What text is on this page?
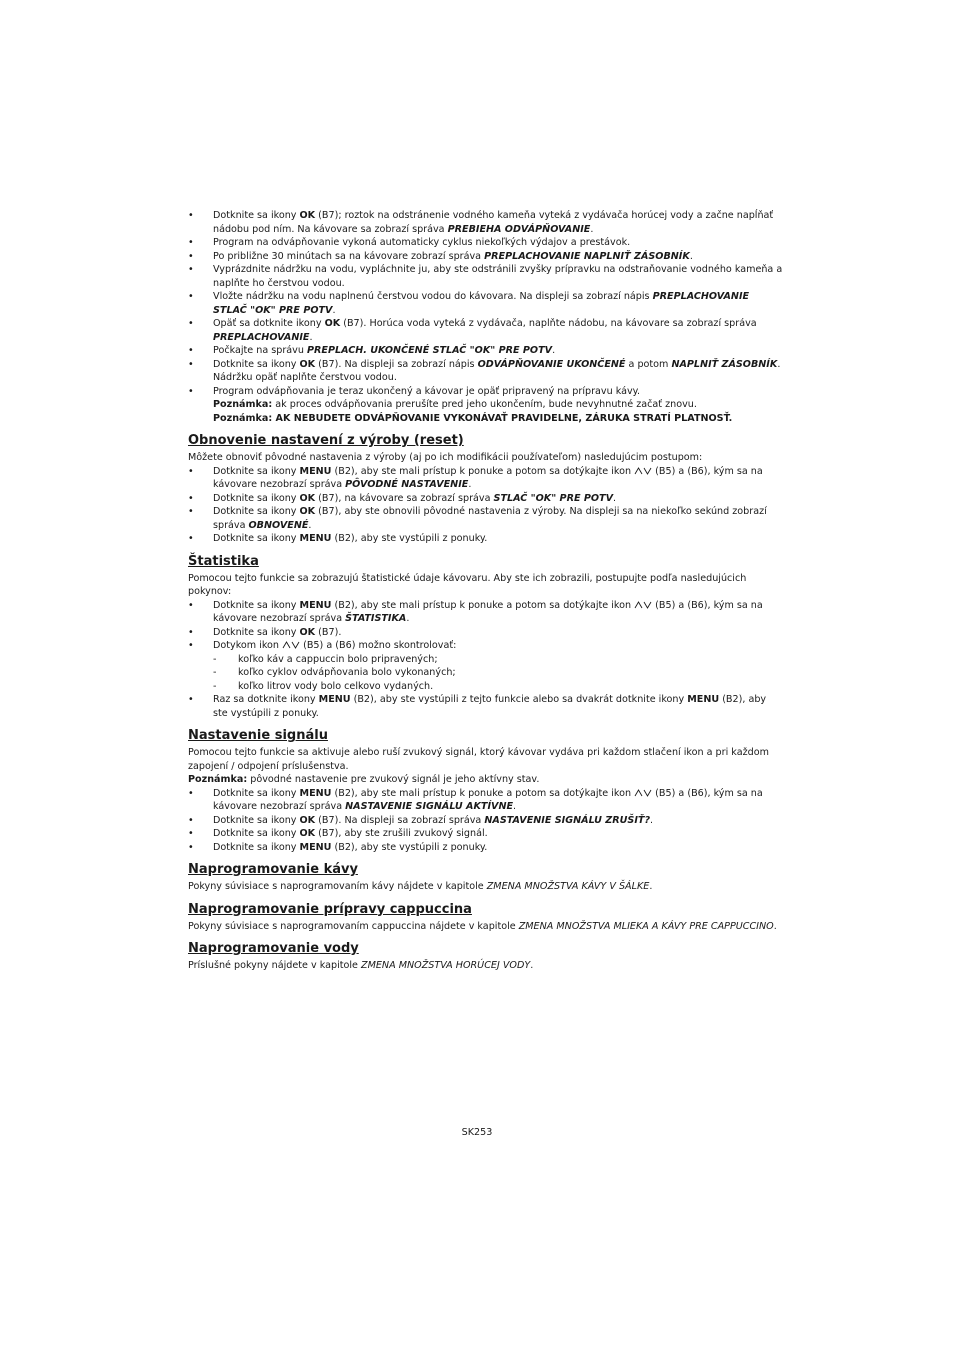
• Dotknite sa ikony OK (B7); roztok na odstránenie vodného kameňa vyteká z vydávača horúcej vody a začne napĺňať nádobu pod ním. Na kávovare sa zobrazí správa PREBIEHA ODVÁPŇOVANIE.
• Program na odvápňovanie vykoná automaticky cyklus niekoľkých výdajov a prestávok.
• Po približne 30 minútach sa na kávovare zobrazí správa PREPLACHOVANIE NAPLNIŤ ZÁSOBNÍK.
• Vyprázdnite nádržku na vodu, vypláchnite ju, aby ste odstránili zvyšky prípravku na odstraňovanie vodného kameňa a naplňte ho čerstvou vodou.
• Vložte nádržku na vodu naplnenú čerstvou vodou do kávovara. Na displeji sa zobrazí nápis PREPLACHOVANIE STLAČ "OK" PRE POTV.
• Opäť sa dotknite ikony OK (B7). Horúca voda vyteká z vydávača, naplňte nádobu, na kávovare sa zobrazí správa PREPLACHOVANIE.
• Počkajte na správu PREPLACH. UKONČENÉ STLAČ "OK" PRE POTV.
• Dotknite sa ikony OK (B7). Na displeji sa zobrazí nápis ODVÁPŇOVANIE UKONČENÉ a potom NAPLNIŤ ZÁSOBNÍK. Nádržku opäť naplňte čerstvou vodou.
• Program odvápňovania je teraz ukončený a kávovar je opäť pripravený na prípravu kávy.

Poznámka: ak proces odvápňovania prerušíte pred jeho ukončením, bude nevyhnutné začať znovu.

Poznámka: AK NEBUDETE ODVÁPŇOVANIE VYKONÁVAŤ PRAVIDELNE, ZÁRUKA STRATÍ PLATNOSŤ.

Obnovenie nastavení z výroby (reset)

Môžete obnoviť pôvodné nastavenia z výroby (aj po ich modifikácii používateľom) nasledujúcim postupom:

• Dotknite sa ikony MENU (B2), aby ste mali prístup k ponuke a potom sa dotýkajte ikon  (B5) a (B6), kým sa na kávovare nezobrazí správa PÔVODNÉ NASTAVENIE.
• Dotknite sa ikony OK (B7), na kávovare sa zobrazí správa STLAČ "OK" PRE POTV.
• Dotknite sa ikony OK (B7), aby ste obnovili pôvodné nastavenia z výroby. Na displeji sa na niekoľko sekúnd zobrazí správa OBNOVENÉ.
• Dotknite sa ikony MENU (B2), aby ste vystúpili z ponuky.
Štatistika

Pomocou tejto funkcie sa zobrazujú štatistické údaje kávovaru. Aby ste ich zobrazili, postupujte podľa nasledujúcich pokynov:

• Dotknite sa ikony MENU (B2), aby ste mali prístup k ponuke a potom sa dotýkajte ikon  (B5) a (B6), kým sa na kávovare nezobrazí správa ŠTATISTIKA.
• Dotknite sa ikony OK (B7).
• Dotykom ikon  (B5) a (B6) možno skontrolovať:
- koľko káv a cappuccin bolo pripravených;
- koľko cyklov odvápňovania bolo vykonaných;
- koľko litrov vody bolo celkovo vydaných.
• Raz sa dotknite ikony MENU (B2), aby ste vystúpili z tejto funkcie alebo sa dvakrát dotknite ikony MENU (B2), aby ste vystúpili z ponuky.
Nastavenie signálu

Pomocou tejto funkcie sa aktivuje alebo ruší zvukový signál, ktorý kávovar vydáva pri každom stlačení ikon a pri každom zapojení / odpojení príslušenstva.

Poznámka: pôvodné nastavenie pre zvukový signál je jeho aktívny stav.

• Dotknite sa ikony MENU (B2), aby ste mali prístup k ponuke a potom sa dotýkajte ikon  (B5) a (B6), kým sa na kávovare nezobrazí správa NASTAVENIE SIGNÁLU AKTÍVNE.
• Dotknite sa ikony OK (B7). Na displeji sa zobrazí správa NASTAVENIE SIGNÁLU ZRUŠIŤ?.
• Dotknite sa ikony OK (B7), aby ste zrušili zvukový signál.
• Dotknite sa ikony MENU (B2), aby ste vystúpili z ponuky.
Naprogramovanie kávy

Pokyny súvisiace s naprogramovaním kávy nájdete v kapitole ZMENA MNOŽSTVA KÁVY V ŠÁLKE.

Naprogramovanie prípravy cappuccina

Pokyny súvisiace s naprogramovaním cappuccina nájdete v kapitole ZMENA MNOŽSTVA MLIEKA A KÁVY PRE CAPPUCCINO.

Naprogramovanie vody

Príslušné pokyny nájdete v kapitole ZMENA MNOŽSTVA HORÚCEJ VODY.

SK253
